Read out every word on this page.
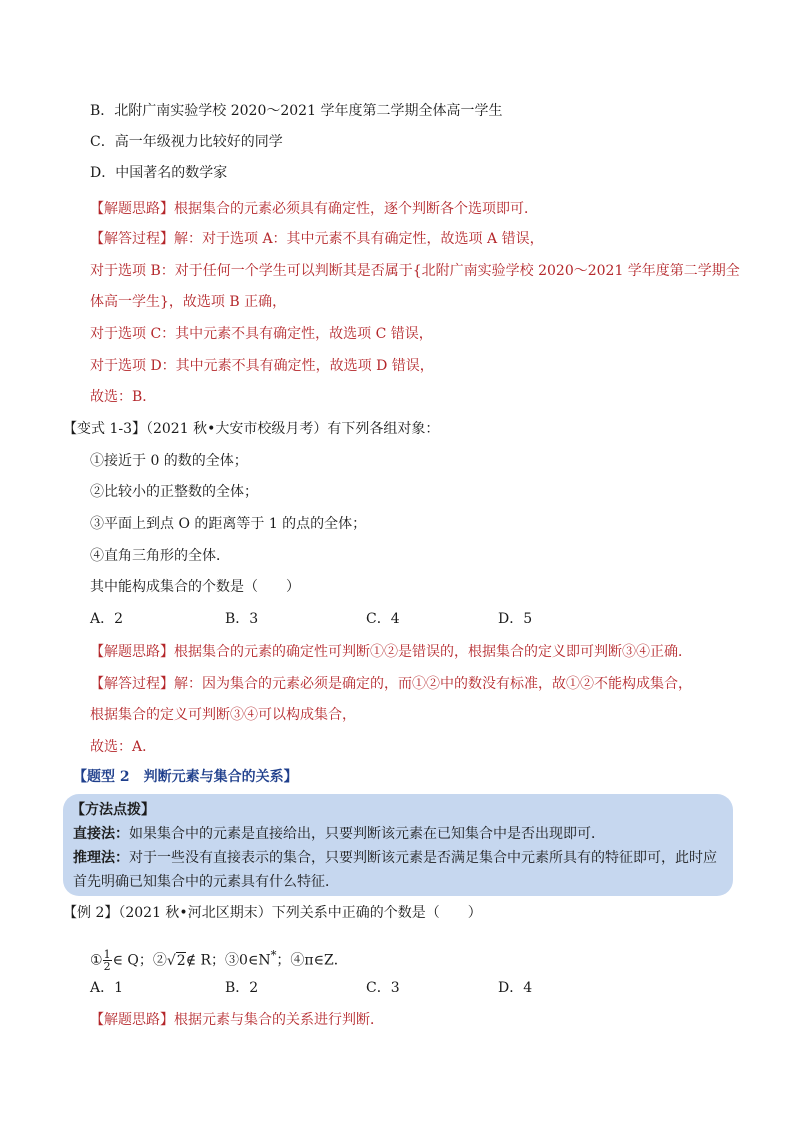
B．北附广南实验学校 2020～2021 学年度第二学期全体高一学生
C．高一年级视力比较好的同学
D．中国著名的数学家
【解题思路】根据集合的元素必须具有确定性，逐个判断各个选项即可．
【解答过程】解：对于选项 A：其中元素不具有确定性，故选项 A 错误，
对于选项 B：对于任何一个学生可以判断其是否属于{北附广南实验学校 2020～2021 学年度第二学期全
体高一学生}，故选项 B 正确，
对于选项 C：其中元素不具有确定性，故选项 C 错误，
对于选项 D：其中元素不具有确定性，故选项 D 错误，
故选：B．
【变式 1-3】（2021 秋•大安市校级月考）有下列各组对象：
①接近于 0 的数的全体；
②比较小的正整数的全体；
③平面上到点 O 的距离等于 1 的点的全体；
④直角三角形的全体．
其中能构成集合的个数是（　　）
A．2	B．3	C．4	D．5
【解题思路】根据集合的元素的确定性可判断①②是错误的，根据集合的定义即可判断③④正确．
【解答过程】解：因为集合的元素必须是确定的，而①②中的数没有标准，故①②不能构成集合，
根据集合的定义可判断③④可以构成集合，
故选：A．
【题型 2　判断元素与集合的关系】
【方法点拨】
直接法：如果集合中的元素是直接给出，只要判断该元素在已知集合中是否出现即可．
推理法：对于一些没有直接表示的集合，只要判断该元素是否满足集合中元素所具有的特征即可，此时应
首先明确已知集合中的元素具有什么特征．
【例 2】（2021 秋•河北区期末）下列关系中正确的个数是（　　）
① $\frac{1}{2}$ ∈ Q；②√2∉ R；③0∈N*；④π∈Z．
A．1	B．2	C．3	D．4
【解题思路】根据元素与集合的关系进行判断．
